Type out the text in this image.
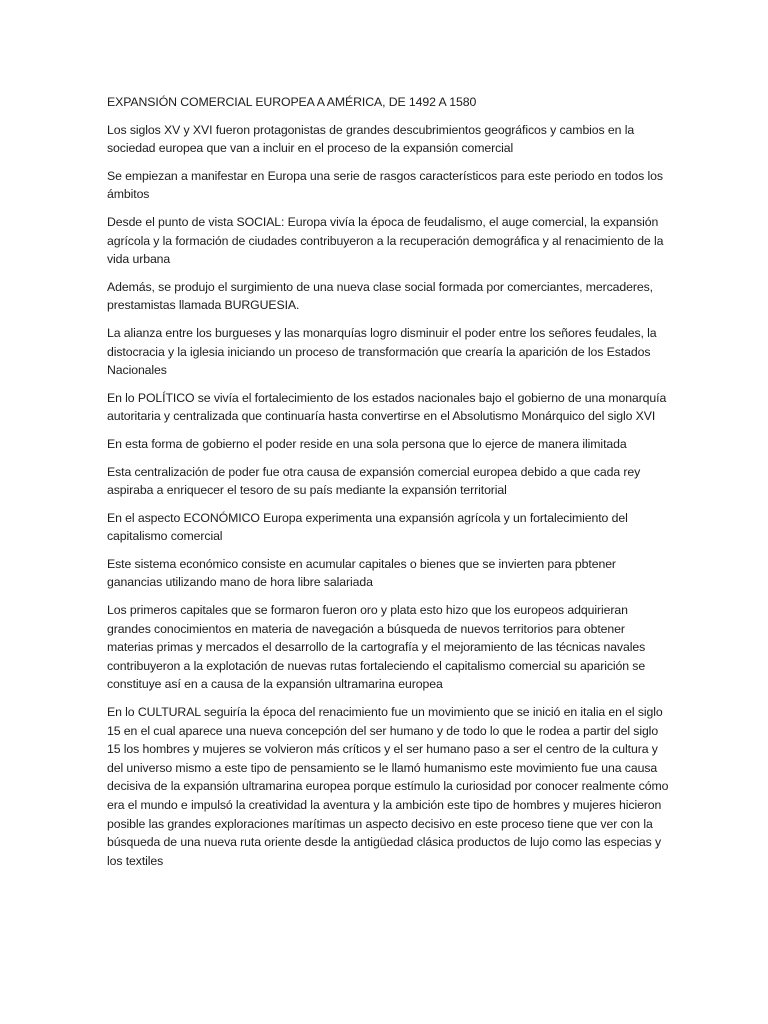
EXPANSIÓN COMERCIAL EUROPEA A AMÉRICA, DE 1492 A 1580

Los siglos XV y XVI fueron protagonistas de grandes descubrimientos geográficos y cambios en la sociedad europea que van a incluir en el proceso de la expansión comercial

Se empiezan a manifestar en Europa una serie de rasgos característicos para este periodo en todos los ámbitos

Desde el punto de vista SOCIAL: Europa vivía la época de feudalismo, el auge comercial, la expansión agrícola y la formación de ciudades contribuyeron a la recuperación demográfica y al renacimiento de la vida urbana

Además, se produjo el surgimiento de una nueva clase social formada por comerciantes, mercaderes, prestamistas llamada BURGUESIA.

La alianza entre los burgueses y las monarquías logro disminuir el poder entre los señores feudales, la distocracia y la iglesia iniciando un proceso de transformación que crearía la aparición de los Estados Nacionales

En lo POLÍTICO se vivía el fortalecimiento de los estados nacionales bajo el gobierno de una monarquía autoritaria y centralizada que continuaría hasta convertirse en el Absolutismo Monárquico del siglo XVI

En esta forma de gobierno el poder reside en una sola persona que lo ejerce de manera ilimitada

Esta centralización de poder fue otra causa de expansión comercial europea debido a que cada rey aspiraba a enriquecer el tesoro de su país mediante la expansión territorial

En el aspecto ECONÓMICO Europa experimenta una expansión agrícola y un fortalecimiento del capitalismo comercial

Este sistema económico consiste en acumular capitales o bienes que se invierten para pbtener ganancias utilizando mano de hora libre salariada

Los primeros capitales que se formaron fueron oro y plata esto hizo que los europeos adquirieran grandes conocimientos en materia de navegación a búsqueda de nuevos territorios para obtener materias primas y mercados el desarrollo de la cartografía y el mejoramiento de las técnicas navales contribuyeron a la explotación de nuevas rutas fortaleciendo el capitalismo comercial su aparición se constituye así en a causa de la expansión ultramarina europea

En lo CULTURAL seguiría la época del renacimiento fue un movimiento que se inició en italia en el siglo 15 en el cual aparece una nueva concepción del ser humano y de todo lo que le rodea a partir del siglo 15 los hombres y mujeres se volvieron más críticos y el ser humano paso a ser el centro de la cultura y del universo mismo a este tipo de pensamiento se le llamó humanismo este movimiento fue una causa decisiva de la expansión ultramarina europea porque estímulo la curiosidad por conocer realmente cómo era el mundo e impulsó la creatividad la aventura y la ambición este tipo de hombres y mujeres hicieron posible las grandes exploraciones marítimas un aspecto decisivo en este proceso tiene que ver con la búsqueda de una nueva ruta oriente desde la antigüedad clásica productos de lujo como las especias y los textiles
